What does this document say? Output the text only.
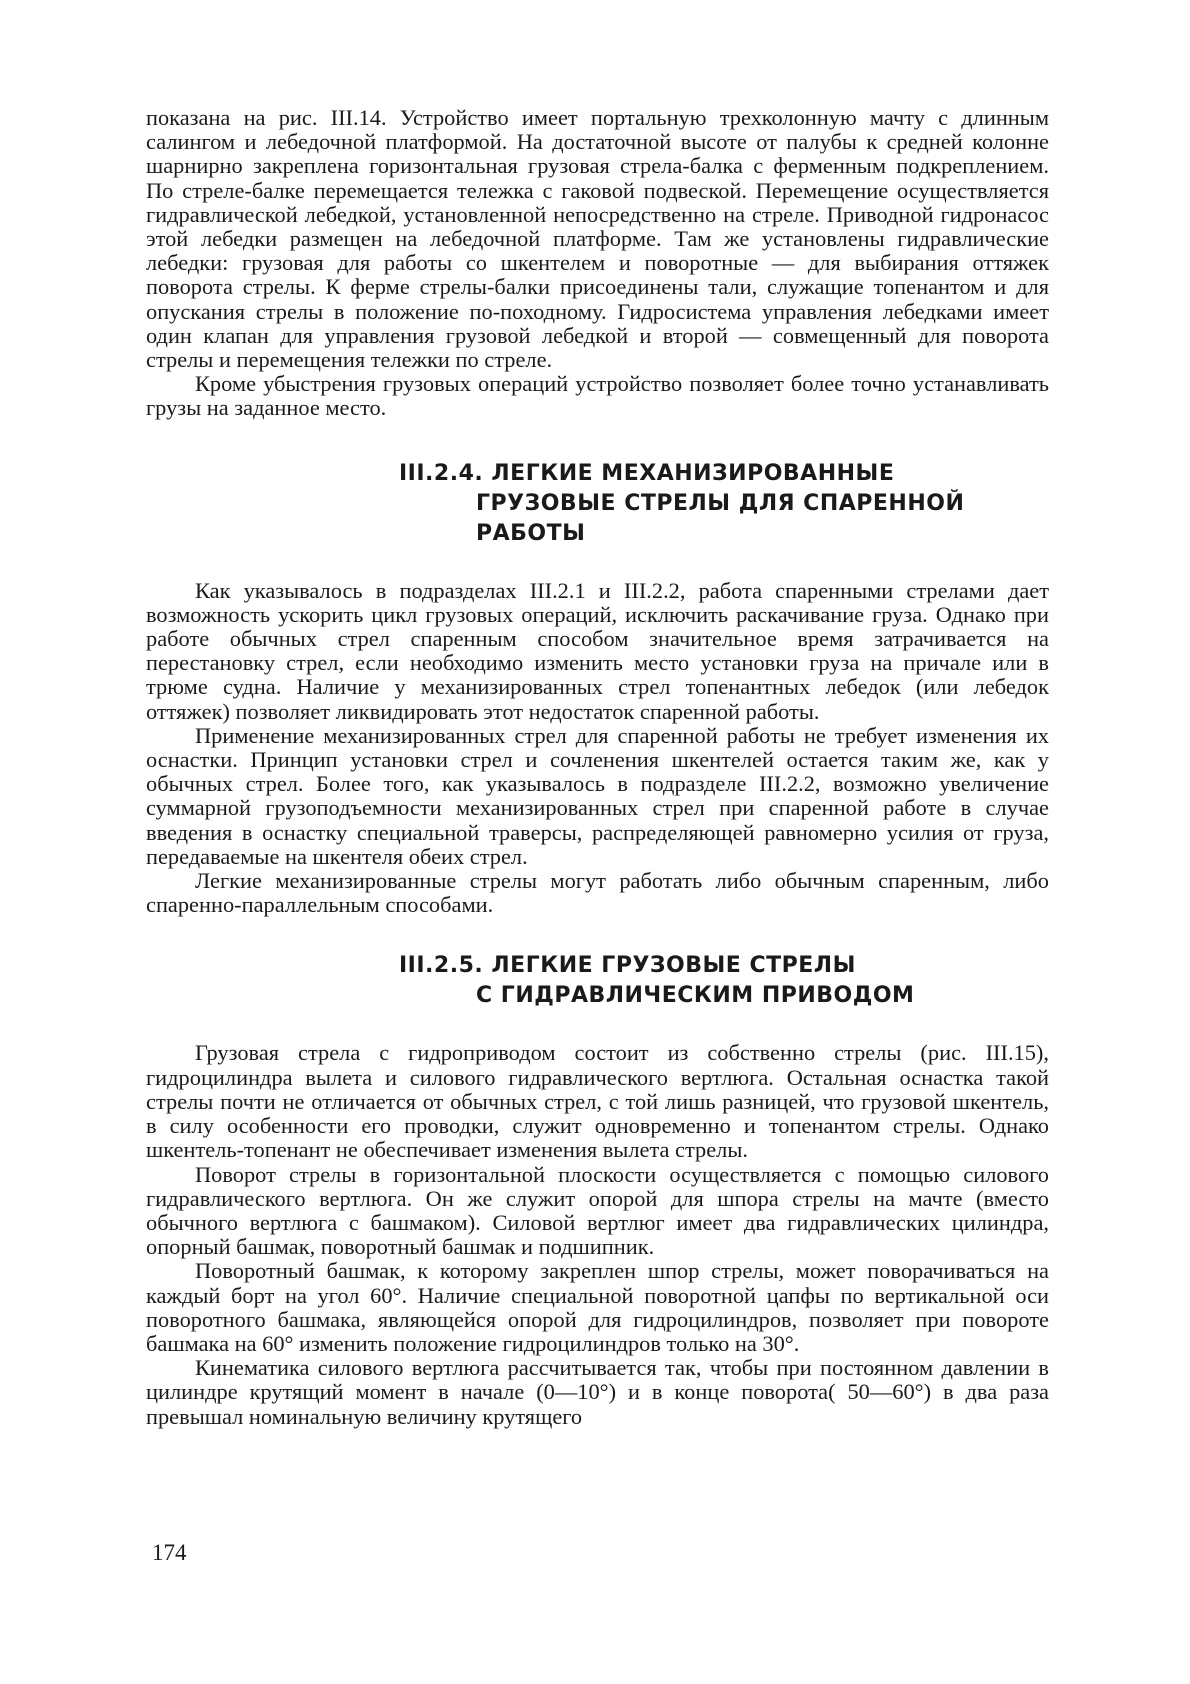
показана на рис. III.14. Устройство имеет портальную трехколонную мачту с длинным салингом и лебедочной платформой. На достаточной высоте от палубы к средней колонне шарнирно закреплена горизонтальная грузовая стрела-балка с ферменным подкреплением. По стреле-балке перемещается тележка с гаковой подвеской. Перемещение осуществляется гидравлической лебедкой, установленной непосредственно на стреле. Приводной гидронасос этой лебедки размещен на лебедочной платформе. Там же установлены гидравлические лебедки: грузовая для работы со шкентелем и поворотные — для выбирания оттяжек поворота стрелы. К ферме стрелы-балки присоединены тали, служащие топенантом и для опускания стрелы в положение по-походному. Гидросистема управления лебедками имеет один клапан для управления грузовой лебедкой и второй — совмещенный для поворота стрелы и перемещения тележки по стреле.

Кроме убыстрения грузовых операций устройство позволяет более точно устанавливать грузы на заданное место.

III.2.4. ЛЕГКИЕ МЕХАНИЗИРОВАННЫЕ
ГРУЗОВЫЕ СТРЕЛЫ ДЛЯ СПАРЕННОЙ РАБОТЫ

Как указывалось в подразделах III.2.1 и III.2.2, работа спаренными стрелами дает возможность ускорить цикл грузовых операций, исключить раскачивание груза. Однако при работе обычных стрел спаренным способом значительное время затрачивается на перестановку стрел, если необходимо изменить место установки груза на причале или в трюме судна. Наличие у механизированных стрел топенантных лебедок (или лебедок оттяжек) позволяет ликвидировать этот недостаток спаренной работы.

Применение механизированных стрел для спаренной работы не требует изменения их оснастки. Принцип установки стрел и сочленения шкентелей остается таким же, как у обычных стрел. Более того, как указывалось в подразделе III.2.2, возможно увеличение суммарной грузоподъемности механизированных стрел при спаренной работе в случае введения в оснастку специальной траверсы, распределяющей равномерно усилия от груза, передаваемые на шкентеля обеих стрел.

Легкие механизированные стрелы могут работать либо обычным спаренным, либо спаренно-параллельным способами.

III.2.5. ЛЕГКИЕ ГРУЗОВЫЕ СТРЕЛЫ
С ГИДРАВЛИЧЕСКИМ ПРИВОДОМ

Грузовая стрела с гидроприводом состоит из собственно стрелы (рис. III.15), гидроцилиндра вылета и силового гидравлического вертлюга. Остальная оснастка такой стрелы почти не отличается от обычных стрел, с той лишь разницей, что грузовой шкентель, в силу особенности его проводки, служит одновременно и топенантом стрелы. Однако шкентель-топенант не обеспечивает изменения вылета стрелы.

Поворот стрелы в горизонтальной плоскости осуществляется с помощью силового гидравлического вертлюга. Он же служит опорой для шпора стрелы на мачте (вместо обычного вертлюга с башмаком). Силовой вертлюг имеет два гидравлических цилиндра, опорный башмак, поворотный башмак и подшипник.

Поворотный башмак, к которому закреплен шпор стрелы, может поворачиваться на каждый борт на угол 60°. Наличие специальной поворотной цапфы по вертикальной оси поворотного башмака, являющейся опорой для гидроцилиндров, позволяет при повороте башмака на 60° изменить положение гидроцилиндров только на 30°.

Кинематика силового вертлюга рассчитывается так, чтобы при постоянном давлении в цилиндре крутящий момент в начале (0—10°) и в конце поворота( 50—60°) в два раза превышал номинальную величину крутящего

174
